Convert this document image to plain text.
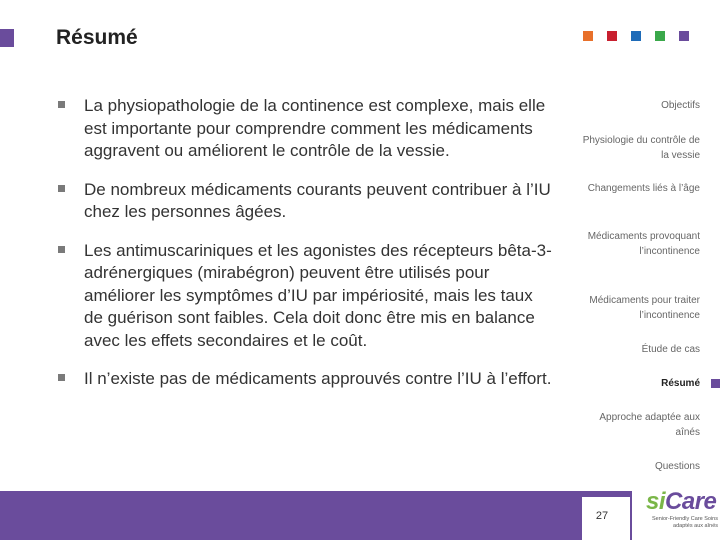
Résumé
La physiopathologie de la continence est complexe, mais elle est importante pour comprendre comment les médicaments aggravent ou améliorent le contrôle de la vessie.
De nombreux médicaments courants peuvent contribuer à l’IU chez les personnes âgées.
Les antimuscariniques et les agonistes des récepteurs bêta-3-adrénergiques (mirabégron) peuvent être utilisés pour améliorer les symptômes d’IU par impériosité, mais les taux de guérison sont faibles. Cela doit donc être mis en balance avec les effets secondaires et le coût.
Il n’existe pas de médicaments approuvés contre l’IU à l’effort.
Objectifs
Physiologie du contrôle de la vessie
Changements liés à l’âge
Médicaments provoquant l’incontinence
Médicaments pour traiter l’incontinence
Étude de cas
Résumé
Approche adaptée aux aînés
Questions
27
siCare
Senior-Friendly Care Soins adaptés aux aînés
